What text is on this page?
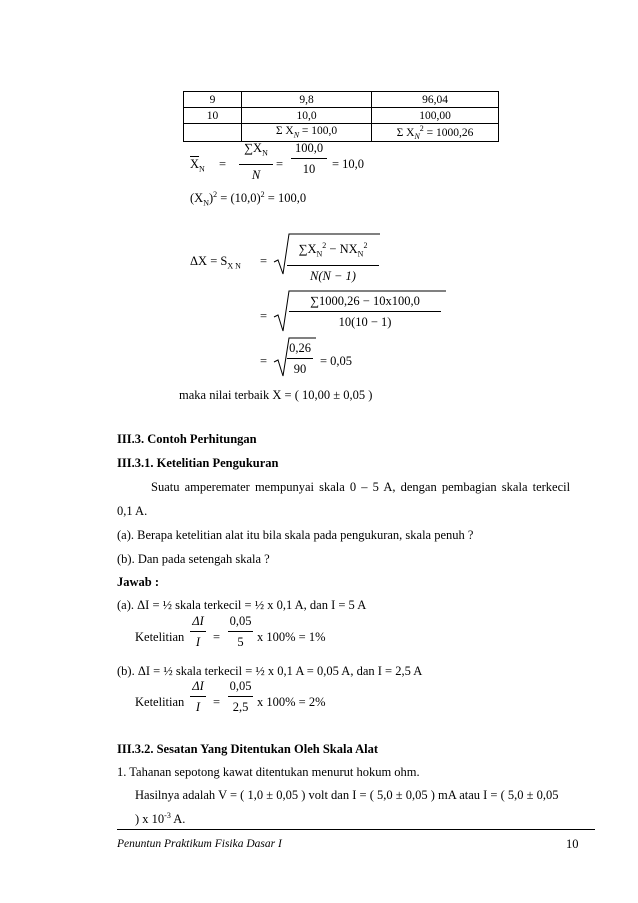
9	9,8	96,04
10	10,0	100,00
	Σ $X_N = 100,0$	Σ $X_N^2 = 1000,26$
$\overline{X}_N$ =
$\sum X_N$
N
=
100,0
10	= 10,0
$(X_N)^2 = (10,0)^2 = 100,0$
$\Delta X = S_{X N}$ =
$\sum X_N^2 - NX_N^2$
N(N − 1)
=
∑1000,26 − 10x100,0
10(10 − 1)
=
0,26
90
= 0,05
maka nilai terbaik X = ( 10,00 ± 0,05 )
III.3. Contoh Perhitungan
III.3.1. Ketelitian Pengukuran
Suatu amperemater mempunyai skala 0 – 5 A, dengan pembagian skala terkecil
0,1 A.
(a). Berapa ketelitian alat itu bila skala pada pengukuran, skala penuh ?
(b). Dan pada setengah skala ?
Jawab :
(a). ΔI = ½ skala terkecil = ½ x 0,1 A, dan I = 5 A
Ketelitian
ΔI
I	=
0,05
5	x 100% = 1%
(b). ΔI = ½ skala terkecil = ½ x 0,1 A = 0,05 A, dan I = 2,5 A
Ketelitian
ΔI
I	=
0,05
2,5 x 100% = 2%
III.3.2. Sesatan Yang Ditentukan Oleh Skala Alat
1. Tahanan sepotong kawat ditentukan menurut hokum ohm.
Hasilnya adalah V = ( 1,0 ± 0,05 ) volt dan I = ( 5,0 ± 0,05 ) mA atau I = ( 5,0 ± 0,05
) x $10^{-3}$ A.
Penuntun Praktikum Fisika Dasar I	10
